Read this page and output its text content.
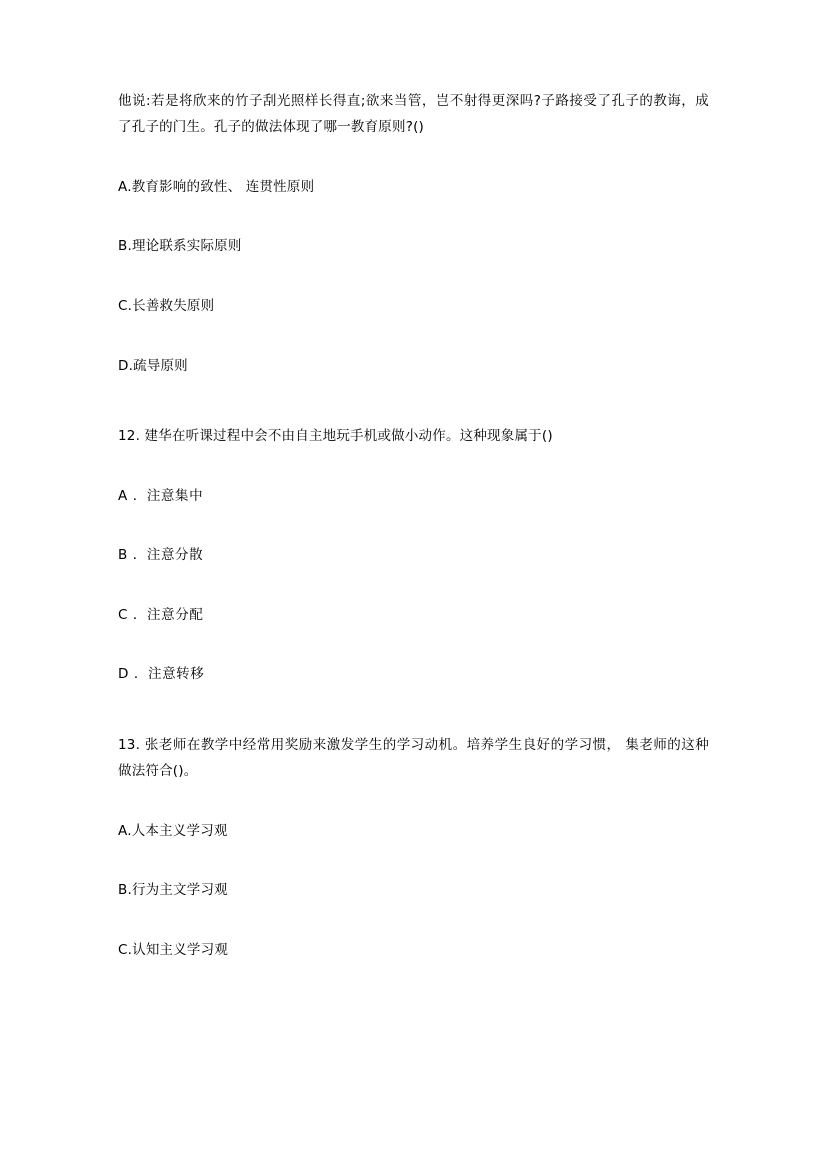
他说:若是将欣来的竹子刮光照样长得直;欲来当管，岂不射得更深吗?子路接受了孔子的教诲，成了孔子的门生。孔子的做法体现了哪一教育原则?()

A.教育影响的致性、 连贯性原则

B.理论联系实际原则

C.长善救失原则

D.疏导原则

12. 建华在听课过程中会不由自主地玩手机或做小动作。这种现象属于()

A ．注意集中

B ．注意分散

C ．注意分配

D ．注意转移

13. 张老师在教学中经常用奖励来激发学生的学习动机。培养学生良好的学习惯， 集老师的这种做法符合()。

A.人本主义学习观

B.行为主文学习观

C.认知主义学习观
